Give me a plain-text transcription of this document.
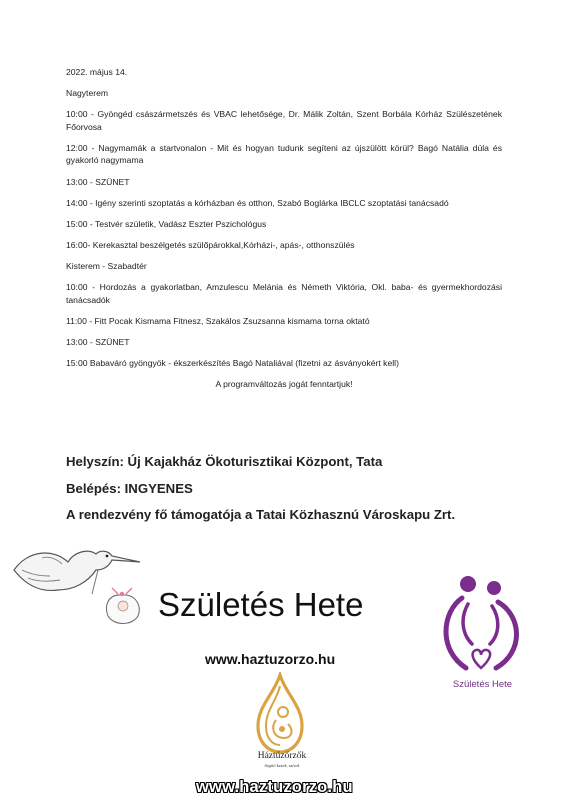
2022. május 14.

Nagyterem

10:00 - Gyöngéd császármetszés és VBAC lehetősége, Dr. Málik Zoltán, Szent Borbála Kórház Szülészetének Főorvosa

12:00 - Nagymamák a startvonalon - Mit és hogyan tudunk segíteni az újszülött körül? Bagó Natália dúla és gyakorló nagymama

13:00 - SZÜNET

14:00 - Igény szerinti szoptatás a kórházban és otthon, Szabó Boglárka IBCLC szoptatási tanácsadó

15:00 - Testvér születik, Vadász Eszter Pszichológus

16:00- Kerekasztal beszélgetés szülőpárokkal,Kórházi-, apás-, otthonszülés

Kisterem - Szabadtér

10:00 - Hordozás a gyakorlatban, Amzulescu Melánia és Németh Viktória, Okl. baba- és gyermekhordozási tanácsadók

11:00 - Fitt Pocak Kismama Fitnesz, Szakálos Zsuzsanna kismama torna oktató

13:00 - SZÜNET

15:00 Babaváró gyöngyök - ékszerkészítés Bagó Nataliával (fizetni az ásványokért kell)

A programváltozás jogát fenntartjuk!

Helyszín: Új Kajakház Ökoturisztikai Központ, Tata

Belépés: INGYENES

A rendezvény fő támogatója a Tatai Közhasznú Városkapu Zrt.

Születés Hete
Születés Hete
www.haztuzorzo.hu
Háztűzőrzők
Segítő kezek, szívek
www.haztuzorzo.hu
